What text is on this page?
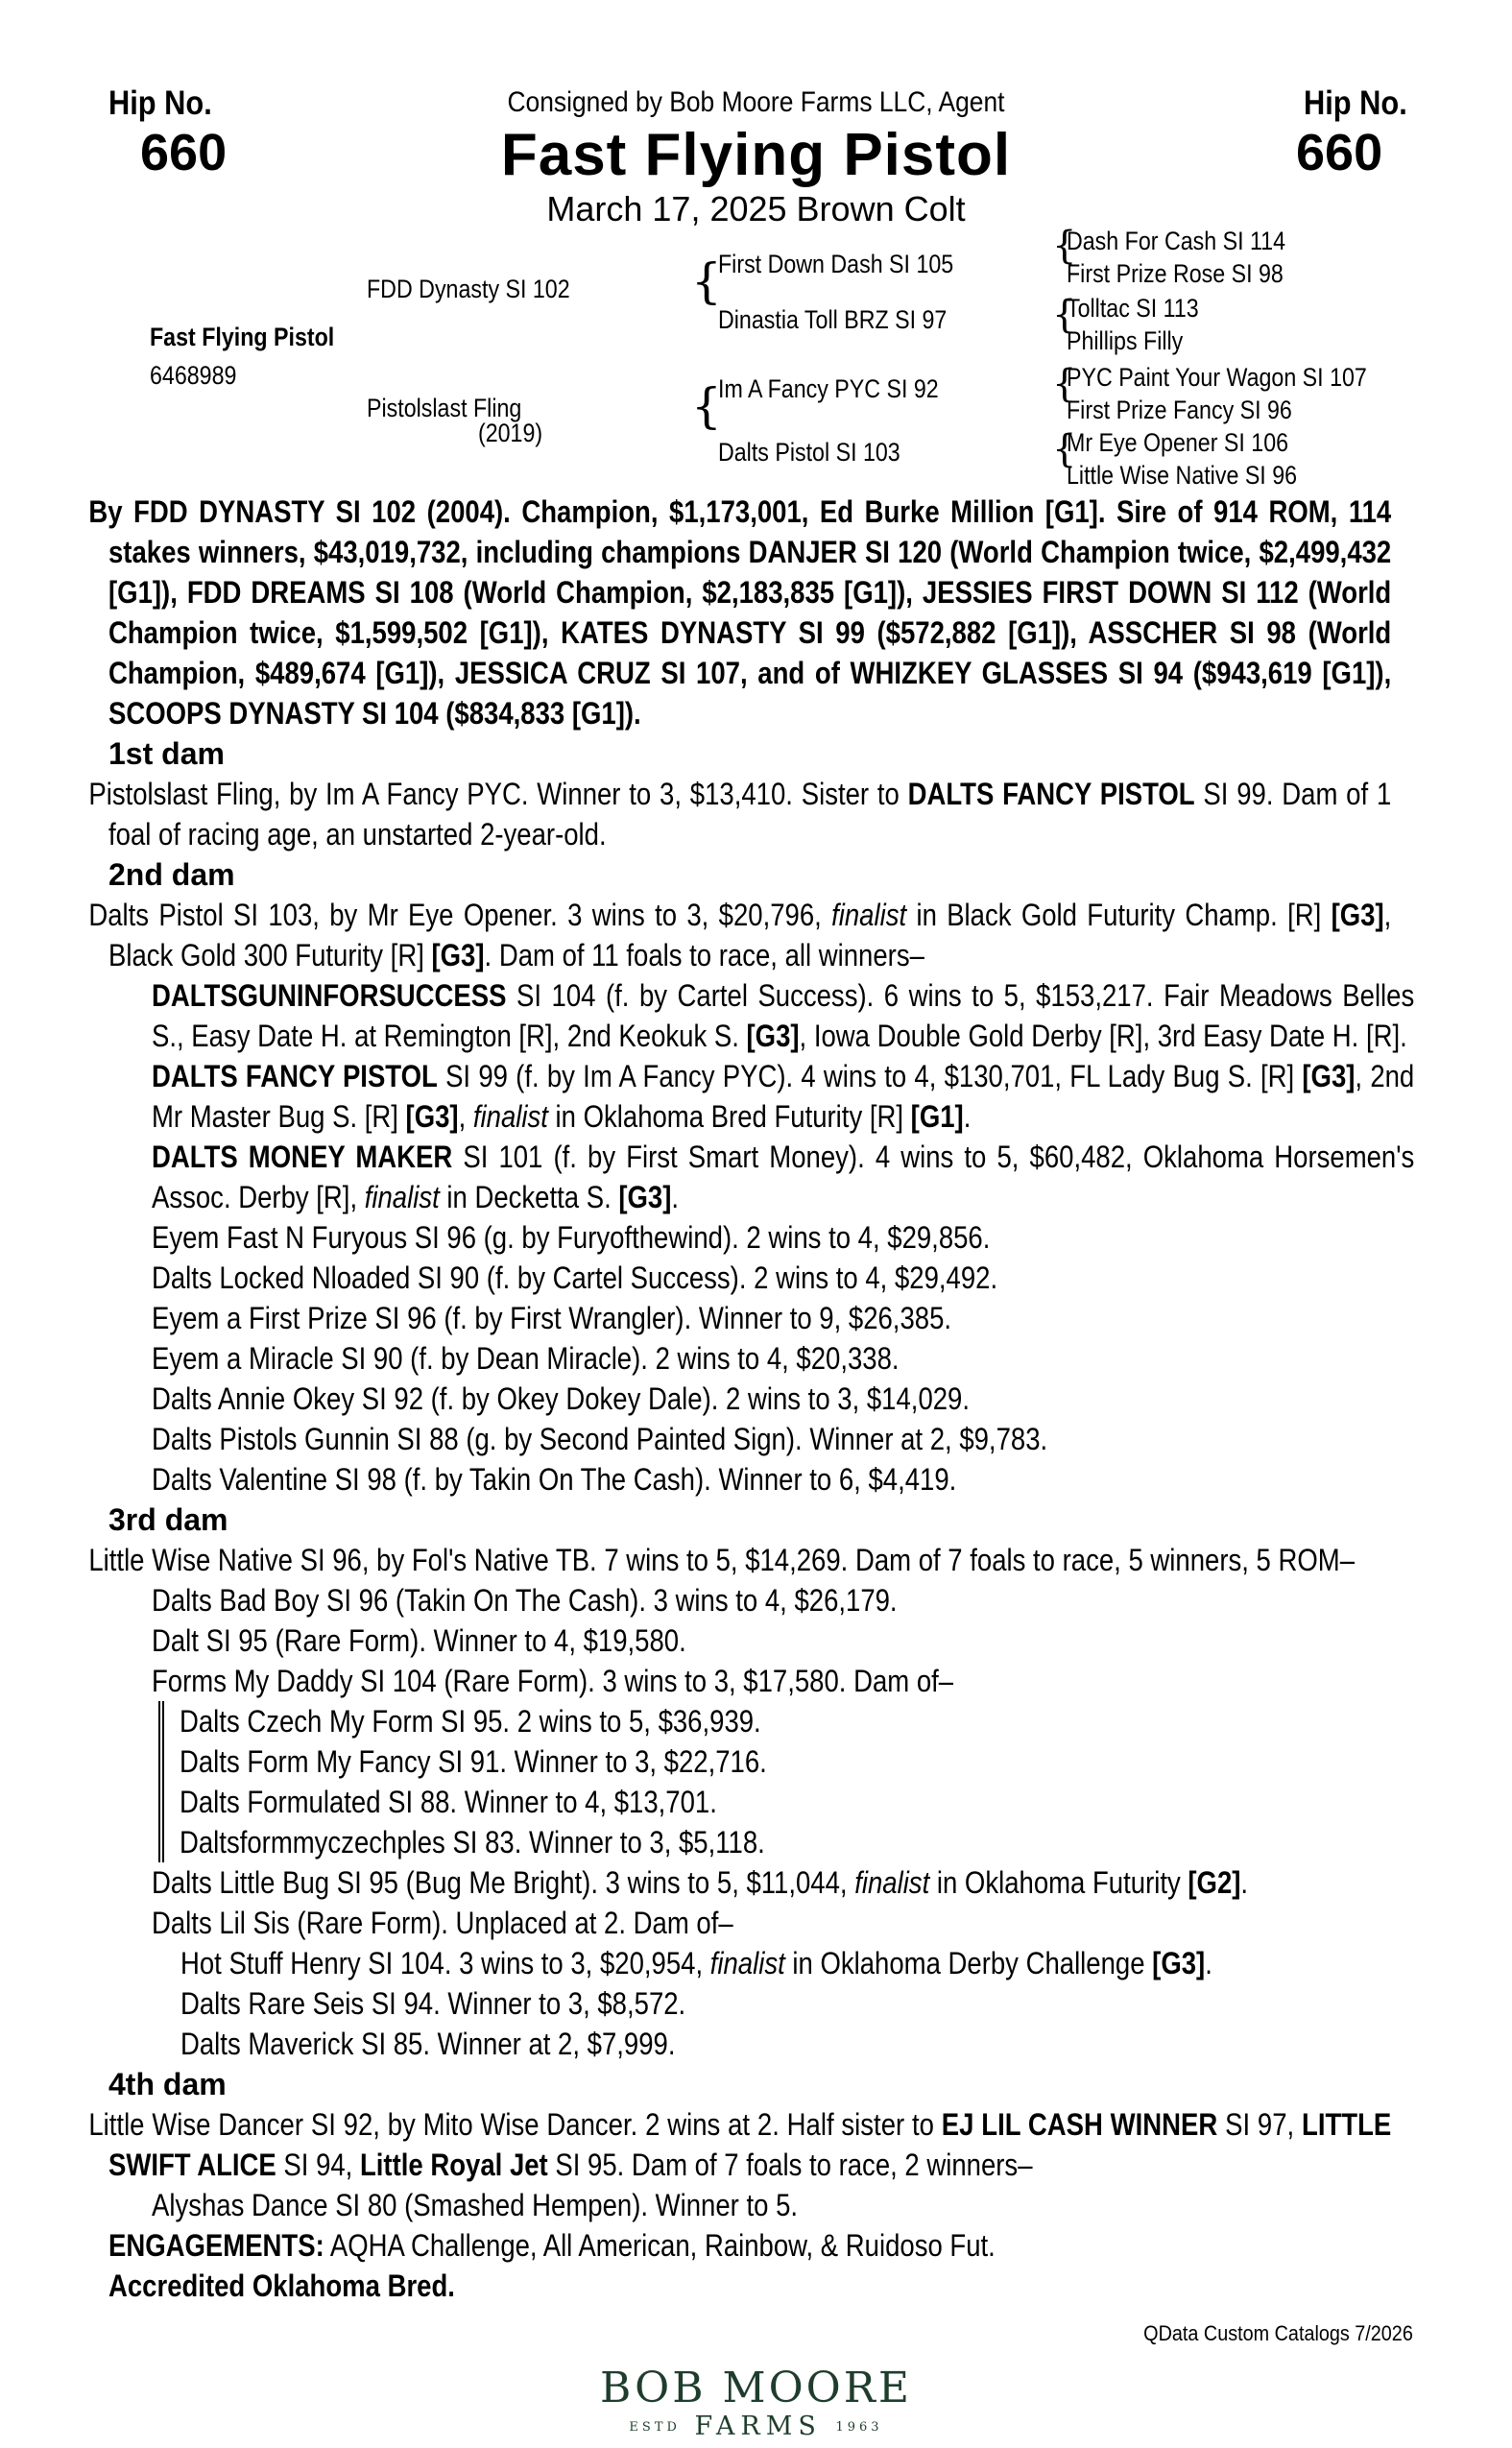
Hip No.
660
Hip No.
660
Consigned by Bob Moore Farms LLC, Agent
Fast Flying Pistol
March 17, 2025 Brown Colt
Fast Flying Pistol
6468989
FDD Dynasty SI 102
Pistolslast Fling
(2019)
{
First Down Dash SI 105
Dinastia Toll BRZ SI 97
{
Im A Fancy PYC SI 92
Dalts Pistol SI 103
{
Dash For Cash SI 114
First Prize Rose SI 98
{
Tolltac SI 113
Phillips Filly
{
PYC Paint Your Wagon SI 107
First Prize Fancy SI 96
{
Mr Eye Opener SI 106
Little Wise Native SI 96

By FDD DYNASTY SI 102 (2004). Champion, $1,173,001, Ed Burke Million [G1]. Sire of 914 ROM, 114 stakes winners, $43,019,732, including champions DANJER SI 120 (World Champion twice, $2,499,432 [G1]), FDD DREAMS SI 108 (World Champion, $2,183,835 [G1]), JESSIES FIRST DOWN SI 112 (World Champion twice, $1,599,502 [G1]), KATES DYNASTY SI 99 ($572,882 [G1]), ASSCHER SI 98 (World Champion, $489,674 [G1]), JESSICA CRUZ SI 107, and of WHIZKEY GLASSES SI 94 ($943,619 [G1]), SCOOPS DYNASTY SI 104 ($834,833 [G1]).

1st dam

Pistolslast Fling, by Im A Fancy PYC. Winner to 3, $13,410. Sister to DALTS FANCY PISTOL SI 99. Dam of 1 foal of racing age, an unstarted 2-year-old.

2nd dam

Dalts Pistol SI 103, by Mr Eye Opener. 3 wins to 3, $20,796, finalist in Black Gold Futurity Champ. [R] [G3], Black Gold 300 Futurity [R] [G3]. Dam of 11 foals to race, all winners–

DALTSGUNINFORSUCCESS SI 104 (f. by Cartel Success). 6 wins to 5, $153,217. Fair Meadows Belles S., Easy Date H. at Remington [R], 2nd Keokuk S. [G3], Iowa Double Gold Derby [R], 3rd Easy Date H. [R].

DALTS FANCY PISTOL SI 99 (f. by Im A Fancy PYC). 4 wins to 4, $130,701, FL Lady Bug S. [R] [G3], 2nd Mr Master Bug S. [R] [G3], finalist in Oklahoma Bred Futurity [R] [G1].

DALTS MONEY MAKER SI 101 (f. by First Smart Money). 4 wins to 5, $60,482, Oklahoma Horsemen's Assoc. Derby [R], finalist in Decketta S. [G3].

Eyem Fast N Furyous SI 96 (g. by Furyofthewind). 2 wins to 4, $29,856.

Dalts Locked Nloaded SI 90 (f. by Cartel Success). 2 wins to 4, $29,492.

Eyem a First Prize SI 96 (f. by First Wrangler). Winner to 9, $26,385.

Eyem a Miracle SI 90 (f. by Dean Miracle). 2 wins to 4, $20,338.

Dalts Annie Okey SI 92 (f. by Okey Dokey Dale). 2 wins to 3, $14,029.

Dalts Pistols Gunnin SI 88 (g. by Second Painted Sign). Winner at 2, $9,783.

Dalts Valentine SI 98 (f. by Takin On The Cash). Winner to 6, $4,419.

3rd dam

Little Wise Native SI 96, by Fol's Native TB. 7 wins to 5, $14,269. Dam of 7 foals to race, 5 winners, 5 ROM–

Dalts Bad Boy SI 96 (Takin On The Cash). 3 wins to 4, $26,179.

Dalt SI 95 (Rare Form). Winner to 4, $19,580.

Forms My Daddy SI 104 (Rare Form). 3 wins to 3, $17,580. Dam of–

Dalts Czech My Form SI 95. 2 wins to 5, $36,939.

Dalts Form My Fancy SI 91. Winner to 3, $22,716.

Dalts Formulated SI 88. Winner to 4, $13,701.

Daltsformmyczechples SI 83. Winner to 3, $5,118.

Dalts Little Bug SI 95 (Bug Me Bright). 3 wins to 5, $11,044, finalist in Oklahoma Futurity [G2].

Dalts Lil Sis (Rare Form). Unplaced at 2. Dam of–

Hot Stuff Henry SI 104. 3 wins to 3, $20,954, finalist in Oklahoma Derby Challenge [G3].

Dalts Rare Seis SI 94. Winner to 3, $8,572.

Dalts Maverick SI 85. Winner at 2, $7,999.

4th dam

Little Wise Dancer SI 92, by Mito Wise Dancer. 2 wins at 2. Half sister to EJ LIL CASH WINNER SI 97, LITTLE SWIFT ALICE SI 94, Little Royal Jet SI 95. Dam of 7 foals to race, 2 winners–

Alyshas Dance SI 80 (Smashed Hempen). Winner to 5.

ENGAGEMENTS: AQHA Challenge, All American, Rainbow, & Ruidoso Fut.

Accredited Oklahoma Bred.

QData Custom Catalogs 7/2026
BOB MOORE
ESTD FARMS 1963
